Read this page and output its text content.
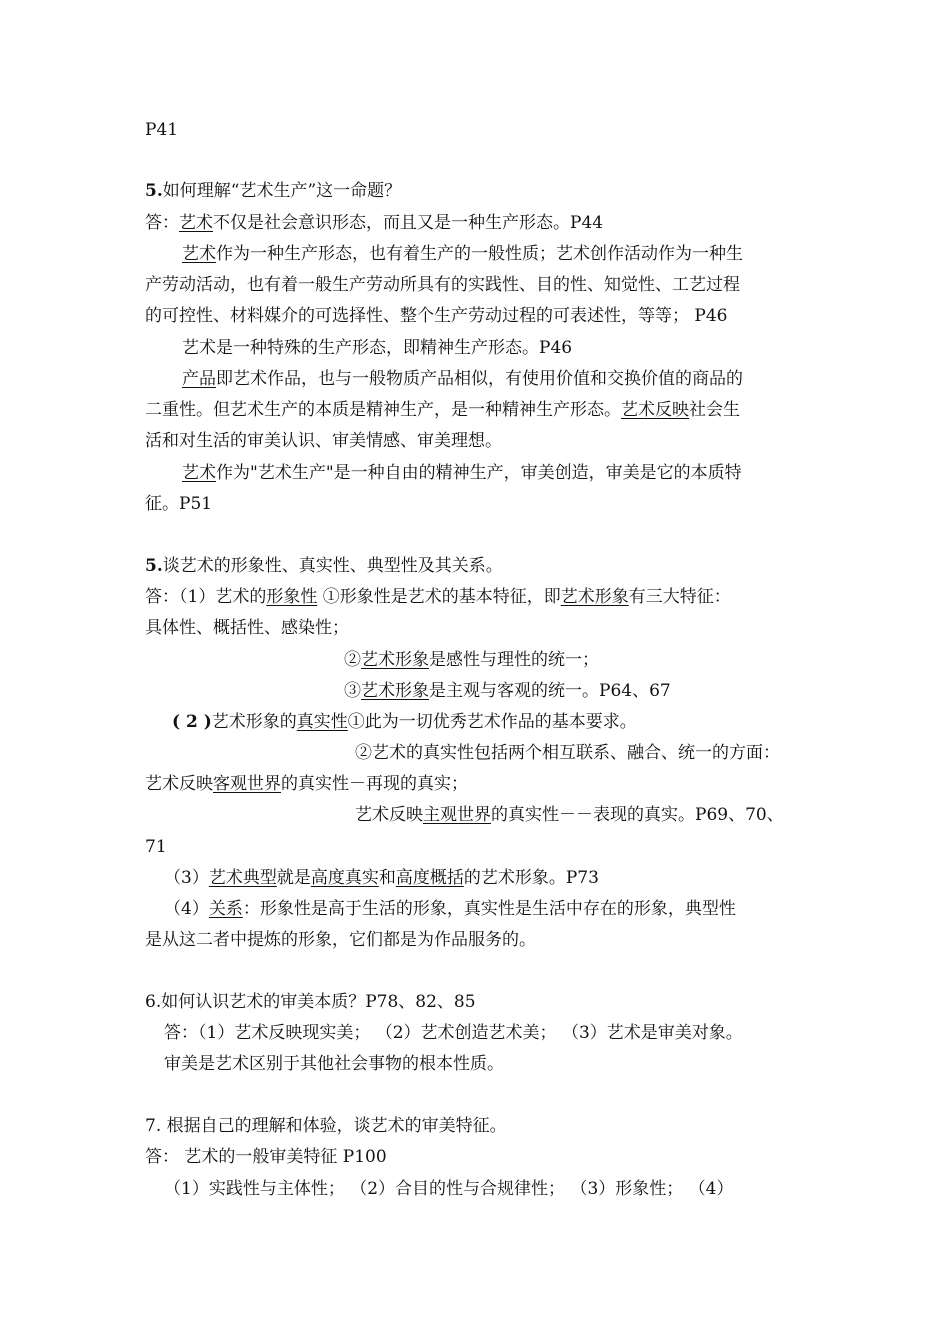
P41
5.如何理解“艺术生产”这一命题？
答：艺术不仅是社会意识形态，而且又是一种生产形态。P44
艺术作为一种生产形态，也有着生产的一般性质；艺术创作活动作为一种生
产劳动活动，也有着一般生产劳动所具有的实践性、目的性、知觉性、工艺过程
的可控性、材料媒介的可选择性、整个生产劳动过程的可表述性，等等； P46
艺术是一种特殊的生产形态，即精神生产形态。P46
产品即艺术作品，也与一般物质产品相似，有使用价值和交换价值的商品的
二重性。但艺术生产的本质是精神生产，是一种精神生产形态。艺术反映社会生
活和对生活的审美认识、审美情感、审美理想。
艺术作为"艺术生产"是一种自由的精神生产，审美创造，审美是它的本质特
征。P51
5.谈艺术的形象性、真实性、典型性及其关系。
答：（1）艺术的形象性 ①形象性是艺术的基本特征，即艺术形象有三大特征：
具体性、概括性、感染性；
②艺术形象是感性与理性的统一；
③艺术形象是主观与客观的统一。P64、67
( 2 )艺术形象的真实性①此为一切优秀艺术作品的基本要求。
②艺术的真实性包括两个相互联系、融合、统一的方面：
艺术反映客观世界的真实性－再现的真实；
艺术反映主观世界的真实性－－表现的真实。P69、70、
71
（3）艺术典型就是高度真实和高度概括的艺术形象。P73
（4）关系：形象性是高于生活的形象，真实性是生活中存在的形象，典型性
是从这二者中提炼的形象，它们都是为作品服务的。
6.如何认识艺术的审美本质？P78、82、85
答：（1）艺术反映现实美； （2）艺术创造艺术美； （3）艺术是审美对象。
审美是艺术区别于其他社会事物的根本性质。
7. 根据自己的理解和体验，谈艺术的审美特征。
答： 艺术的一般审美特征 P100
（1）实践性与主体性； （2）合目的性与合规律性； （3）形象性； （4）
